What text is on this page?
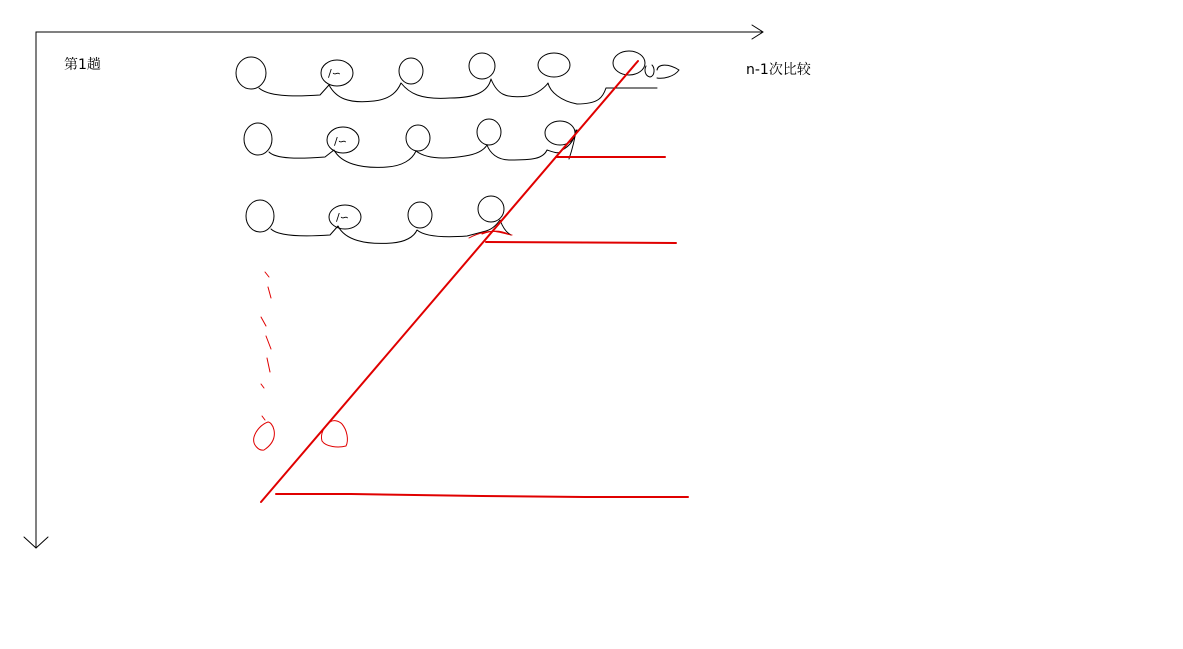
/∽
/∽
/∽
第1趟	n-1次比较
